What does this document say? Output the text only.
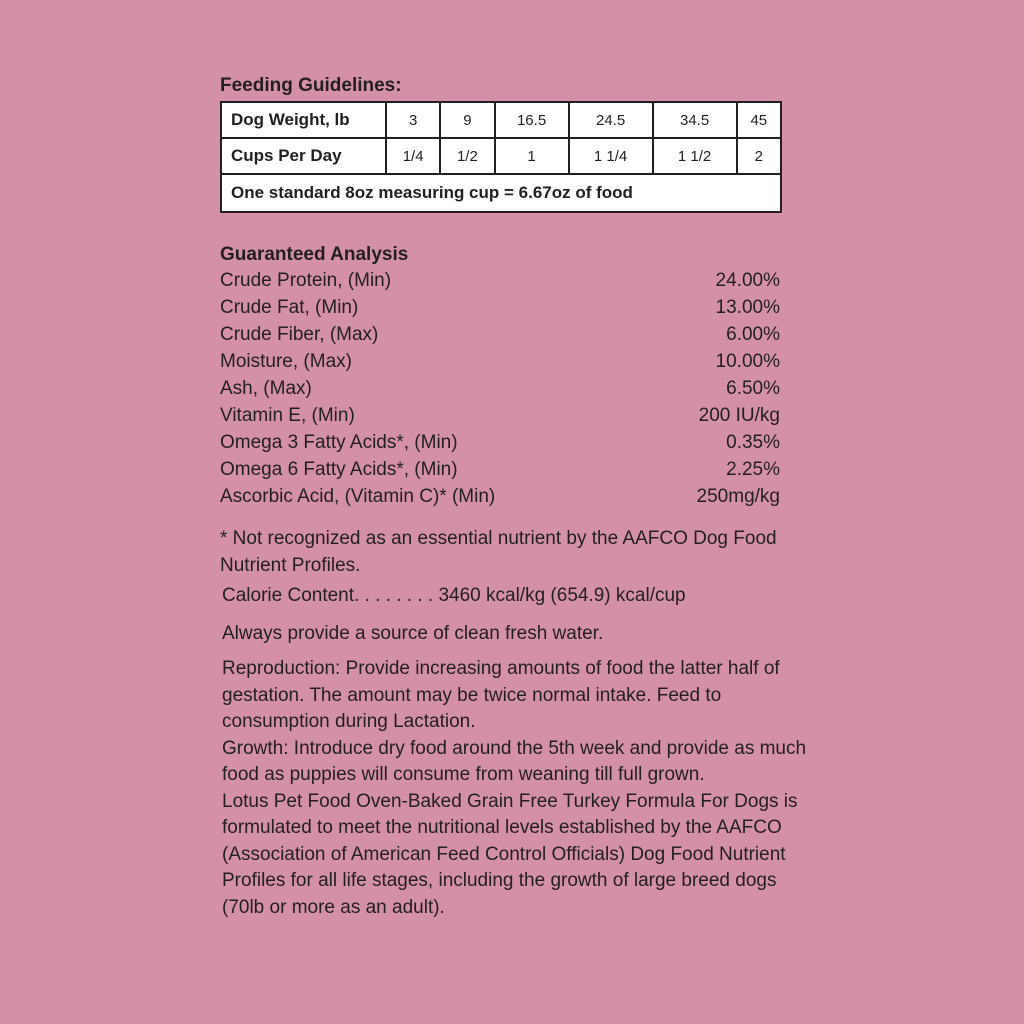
Feeding Guidelines:

Dog Weight, lb	3	9	16.5	24.5	34.5	45
Cups Per Day	1/4	1/2	1	1 1/4	1 1/2	2
One standard 8oz measuring cup = 6.67oz of food						

Guaranteed Analysis

Crude Protein, (Min)	24.00%
Crude Fat, (Min)	13.00%
Crude Fiber, (Max)	6.00%
Moisture, (Max)	10.00%
Ash, (Max)	6.50%
Vitamin E, (Min)	200 IU/kg
Omega 3 Fatty Acids*, (Min)	0.35%
Omega 6 Fatty Acids*, (Min)	2.25%
Ascorbic Acid, (Vitamin C)* (Min)	250mg/kg

* Not recognized as an essential nutrient by the AAFCO Dog Food Nutrient Profiles.

Calorie Content. . . . . . . . 3460 kcal/kg (654.9) kcal/cup

Always provide a source of clean fresh water.

Reproduction: Provide increasing amounts of food the latter half of gestation. The amount may be twice normal intake. Feed to consumption during Lactation.

Growth: Introduce dry food around the 5th week and provide as much food as puppies will consume from weaning till full grown.

Lotus Pet Food Oven-Baked Grain Free Turkey Formula For Dogs is formulated to meet the nutritional levels established by the AAFCO (Association of American Feed Control Officials) Dog Food Nutrient Profiles for all life stages, including the growth of large breed dogs (70lb or more as an adult).
